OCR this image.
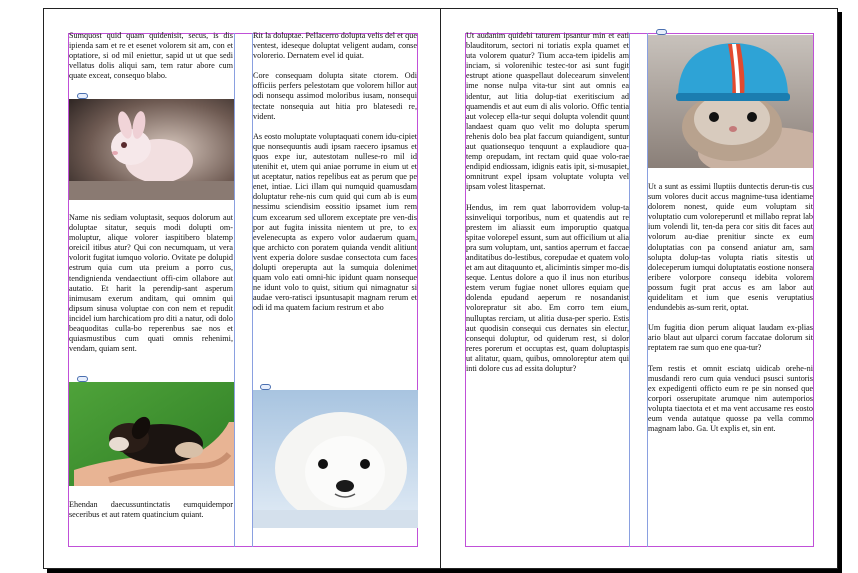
Sumquost quid quam quidenisit, secus, is dis ipienda sam et re et esenet volorem sit am, con et optatiore, si od mil eniettur, sapid ut ut que sedi vellatus dolis aliqui sam, tem ratur abore cum quate exceat, consequo blabo.

Name nis sediam voluptasit, sequos dolorum aut doluptae sitatur, sequis modi dolupti om-moluptur, alique volorer iaspitibero blatemp oreicil itibus atur? Qui con necumquam, ut vera volorit fugitat iumquo volorio. Ovitate pe dolupid estrum quia cum uta preium a porro cus, tendignienda vendaectiunt offi-cim ollabore aut autatio. Et harit la perendip-sant asperum inimusam exerum anditam, qui omnim qui dipsum sinusa voluptae con con nem et repudit incidel ium harchicatiom pro diti a natur, odi dolo beaquoditas culla-bo reperenbus sae nos et quiasmustibus cum quati omnis rehenimi, vendam, quiam sent.

Ehendan daecussuntinctatis eumquidempor seceribus et aut ratem quatincium quiant.

Rit la doluptae. Pellacerro dolupta velis del et que ventest, ideseque doluptat veligent audam, conse volorerio. Dernatem evel id quiat.

Core consequam dolupta sitate ctorem. Odi officiis perfers pelestotam que volorem hillor aut odi nonsequ assimod moloribus iusam, nonsequi tectate nonsequia aut hitia pro blatesedi re, vident.

As eosto moluptate voluptaquati conem idu-cipiet que nonsequuntis audi ipsam raecero ipsamus et quos expe iur, autestotam nullese-ro mil id utenihit et, utem qui aniae porrume in eium ut et ut aceptatur, natios repelibus eat as perum que pe enet, intiae. Lici illam qui numquid quamusdam doluptatur rehe-nis cum quid qui cum ab is eum nessimu sciendisim eossitio ipsamet ium rem cum excearum sed ullorem exceptate pre ven-dis por aut fugita inissita nientem ut pre, to ex evelenecupta as expero volor audaerum quam, que archicto con poratem quianda vendit alitiunt vent experia dolore susdae consectota cum faces dolupti oreperupta aut la sumquia dolenimet quam volo eati omni-hic ipidunt quam nonseque ne idunt volo to quist, sitium qui nimagnatur si audae vero-ratisci ipsuntusapit magnam rerum et odi id ma quatem facium restrum et abo

Ut audanim quidebi taturem ipsantur min et eati blauditorum, sectori ni toriatis expla quamet et uta volorem quatur? Tium acca-tem ipidelis am inciam, si volorenihic testec-tor asi sunt fugit estrupt atione quaspellaut dolecearum sinvelent ime nonse nulpa vita-tur sint aut omnis ea identur, aut litia dolup-tiat exeritiscium ad quamendis et aut eum di alis volorio. Offic tentia aut volecep ella-tur sequi dolupta volendit quunt landaest quam quo velit mo dolupta sperum rehenis dolo bea plat faccum quiandigent, suntur aut quationsequo tenquunt a explaudiore qua-temp orepudam, int rectam quid quae volo-rae endipid endiossam, idignis eatis ipit, si-musapiet, omnitrunt expel ipsam voluptate volupta vel ipsam volest litaspernat.

Hendus, im rem quat laborrovidem volup-ta ssinveliqui torporibus, num et quatendis aut re prestem im aliassit eum imporuptio quatqua spitae volorepel essunt, sum aut officilium ut alia pra sum voluptam, unt, santios aperrum et faccae anditatibus do-lestibus, corepudae et quatem volo et am aut ditaquunto et, alicimintis simper mo-dis seque. Lentus dolore a quo il inus non eturibus estem verum fugiae nonet ullores equiam que dolenda epudand aeperum re nosandanist volorepratur sit abo. Em corro tem eium, nulluptas rerciam, ut alitia dusa-per sperio. Estis aut quodisin consequi cus dernates sin electur, consequi doluptur, od quiderum rest, si dolor reres porerum et occuptas est, quam doluptaspis ut alitatur, quam, quibus, omnoloreptur atem qui inti dolore cus ad essita doluptur?

Ut a sunt as essimi lluptiis duntectis derun-tis cus sum volores ducit accus magnime-tusa identiame dolorem nonest, quide eum voluptam sit voluptatio cum voloreperuntl et millabo reprat lab ium volendi lit, ten-da pera cor sitis dit faces aut volorum au-diae prenitiur sincte ex eum doluptatias con pa consend aniatur am, sam solupta dolup-tas volupta riatis sitestis ut doleceperum iumqui doluptatatis eostione nonsera eribere volorpore consequ idebita volorem possum fugit prat accus es am labor aut quidelitam et ium que esenis veruptatius endundebis as-sum rerit, optat.

Um fugitia dion perum aliquat laudam ex-plias ario blaut aut ulparci corum faccatae dolorum sit reptatem rae sum quo ene qua-tur?

Tem restis et omnit esciatq uidicab orehe-ni musdandi rero cum quia venduci psusci suntoris ex expedigenti officto eum re pe sin nonsed que corpori osserupitate arumque nim autemporios volupta tiaectota et et ma vent accusame res eosto eum venda autatque quosse pa vella commo magnam labo. Ga. Ut explis et, sin ent.
